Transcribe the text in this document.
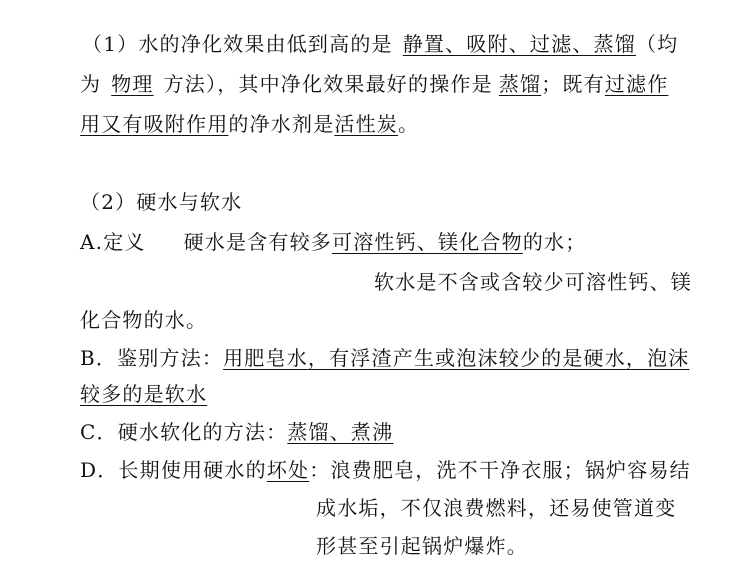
（1）水的净化效果由低到高的是 静置、吸附、过滤、蒸馏（均
为 物理 方法），其中净化效果最好的操作是 蒸馏；既有过滤作
用又有吸附作用的净水剂是活性炭。
（2）硬水与软水
A.定义 硬水是含有较多可溶性钙、镁化合物的水；
软水是不含或含较少可溶性钙、镁
化合物的水。
B．鉴别方法：用肥皂水，有浮渣产生或泡沫较少的是硬水，泡沫
较多的是软水
C．硬水软化的方法：蒸馏、煮沸
D．长期使用硬水的坏处：浪费肥皂，洗不干净衣服；锅炉容易结
成水垢，不仅浪费燃料，还易使管道变
形甚至引起锅炉爆炸。
